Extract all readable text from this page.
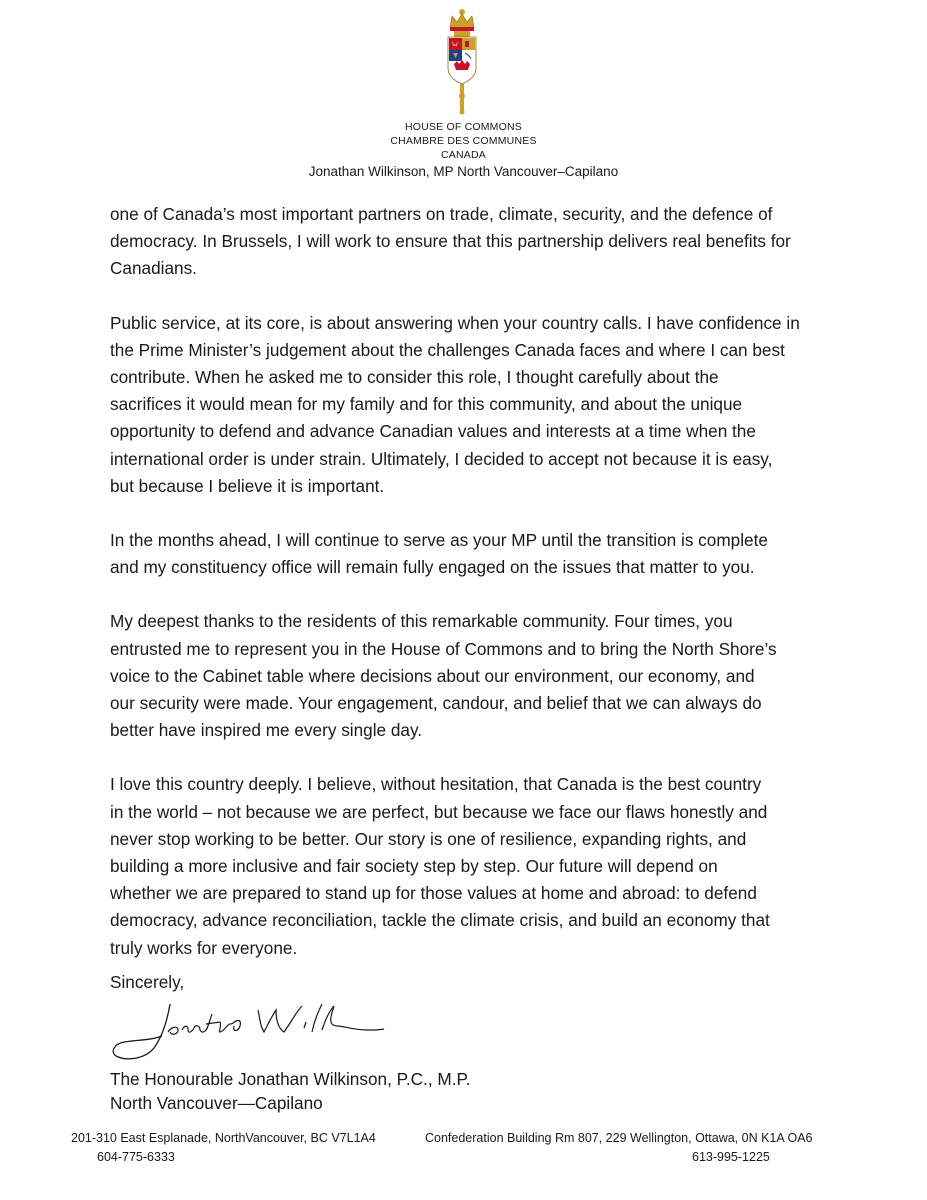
HOUSE OF COMMONS
CHAMBRE DES COMMUNES
CANADA
Jonathan Wilkinson, MP North Vancouver–Capilano

one of Canada’s most important partners on trade, climate, security, and the defence of
democracy. In Brussels, I will work to ensure that this partnership delivers real benefits for
Canadians.

Public service, at its core, is about answering when your country calls. I have confidence in
the Prime Minister’s judgement about the challenges Canada faces and where I can best
contribute. When he asked me to consider this role, I thought carefully about the
sacrifices it would mean for my family and for this community, and about the unique
opportunity to defend and advance Canadian values and interests at a time when the
international order is under strain. Ultimately, I decided to accept not because it is easy,
but because I believe it is important.

In the months ahead, I will continue to serve as your MP until the transition is complete
and my constituency office will remain fully engaged on the issues that matter to you.

My deepest thanks to the residents of this remarkable community. Four times, you
entrusted me to represent you in the House of Commons and to bring the North Shore’s
voice to the Cabinet table where decisions about our environment, our economy, and
our security were made. Your engagement, candour, and belief that we can always do
better have inspired me every single day.

I love this country deeply. I believe, without hesitation, that Canada is the best country
in the world – not because we are perfect, but because we face our flaws honestly and
never stop working to be better. Our story is one of resilience, expanding rights, and
building a more inclusive and fair society step by step. Our future will depend on
whether we are prepared to stand up for those values at home and abroad: to defend
democracy, advance reconciliation, tackle the climate crisis, and build an economy that
truly works for everyone.

Sincerely,
The Honourable Jonathan Wilkinson, P.C., M.P.
North Vancouver—Capilano
201-310 East Esplanade, NorthVancouver, BC V7L1A4
604-775-6333
Confederation Building Rm 807, 229 Wellington, Ottawa, 0N K1A OA6
613-995-1225
